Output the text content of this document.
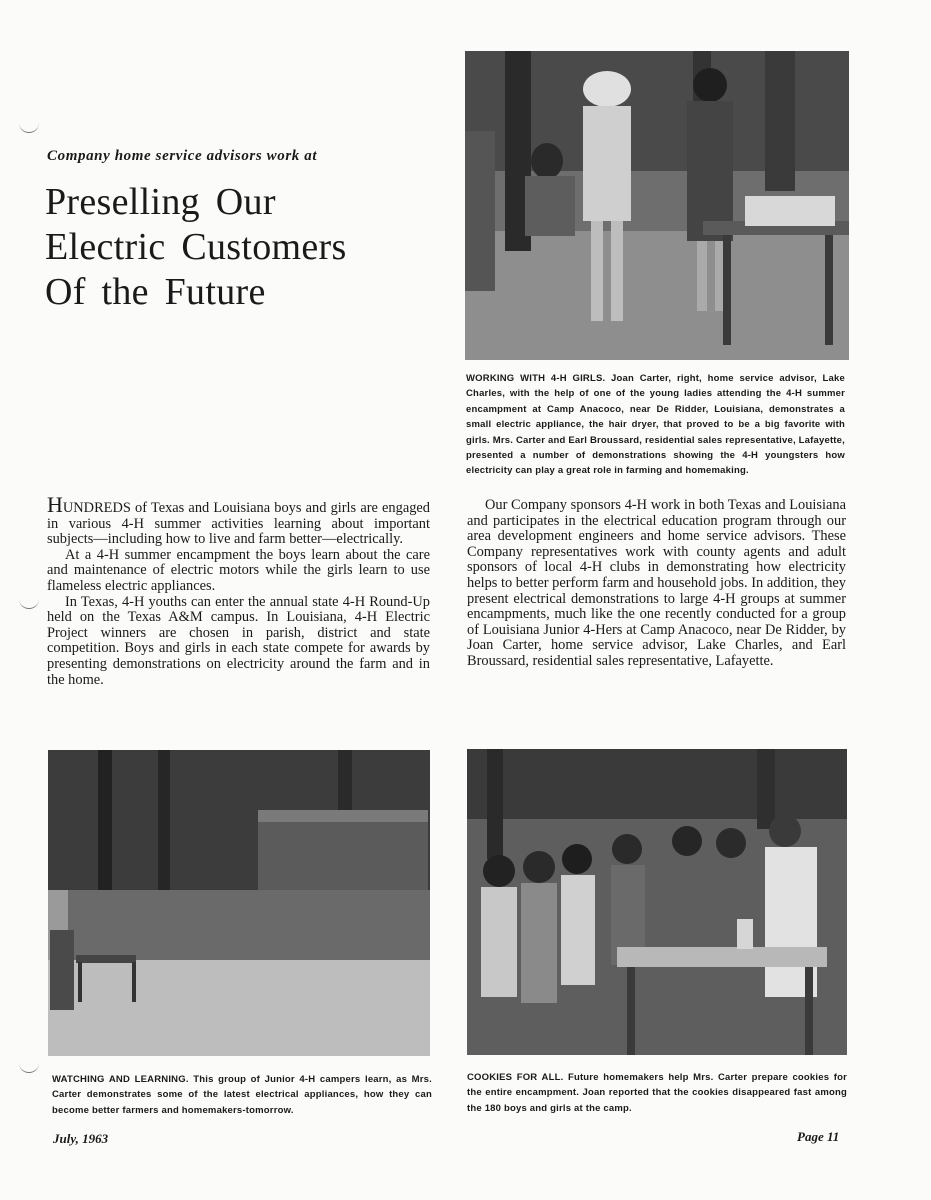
Company home service advisors work at
Preselling Our
Electric Customers
Of the Future
WORKING WITH 4-H GIRLS. Joan Carter, right, home service advisor, Lake Charles, with the help of one of the young ladies attending the 4-H summer encampment at Camp Anacoco, near De Ridder, Louisiana, demonstrates a small electric appliance, the hair dryer, that proved to be a big favorite with girls. Mrs. Carter and Earl Broussard, residential sales representative, Lafayette, presented a number of demonstrations showing the 4-H youngsters how electricity can play a great role in farming and homemaking.

HUNDREDS of Texas and Louisiana boys and girls are engaged in various 4-H summer activities learning about important subjects—including how to live and farm better—electrically.

At a 4-H summer encampment the boys learn about the care and maintenance of electric motors while the girls learn to use flameless electric appliances.

In Texas, 4-H youths can enter the annual state 4-H Round-Up held on the Texas A&M campus. In Louisiana, 4-H Electric Project winners are chosen in parish, district and state competition. Boys and girls in each state compete for awards by presenting demonstrations on electricity around the farm and in the home.

Our Company sponsors 4-H work in both Texas and Louisiana and participates in the electrical education program through our area development engineers and home service advisors. These Company representatives work with county agents and adult sponsors of local 4-H clubs in demonstrating how electricity helps to better perform farm and household jobs. In addition, they present electrical demonstrations to large 4-H groups at summer encampments, much like the one recently conducted for a group of Louisiana Junior 4-Hers at Camp Anacoco, near De Ridder, by Joan Carter, home service advisor, Lake Charles, and Earl Broussard, residential sales representative, Lafayette.

WATCHING AND LEARNING. This group of Junior 4-H campers learn, as Mrs. Carter demonstrates some of the latest electrical appliances, how they can become better farmers and homemakers-tomorrow.
COOKIES FOR ALL. Future homemakers help Mrs. Carter prepare cookies for the entire encampment. Joan reported that the cookies disappeared fast among the 180 boys and girls at the camp.
July, 1963	Page 11
